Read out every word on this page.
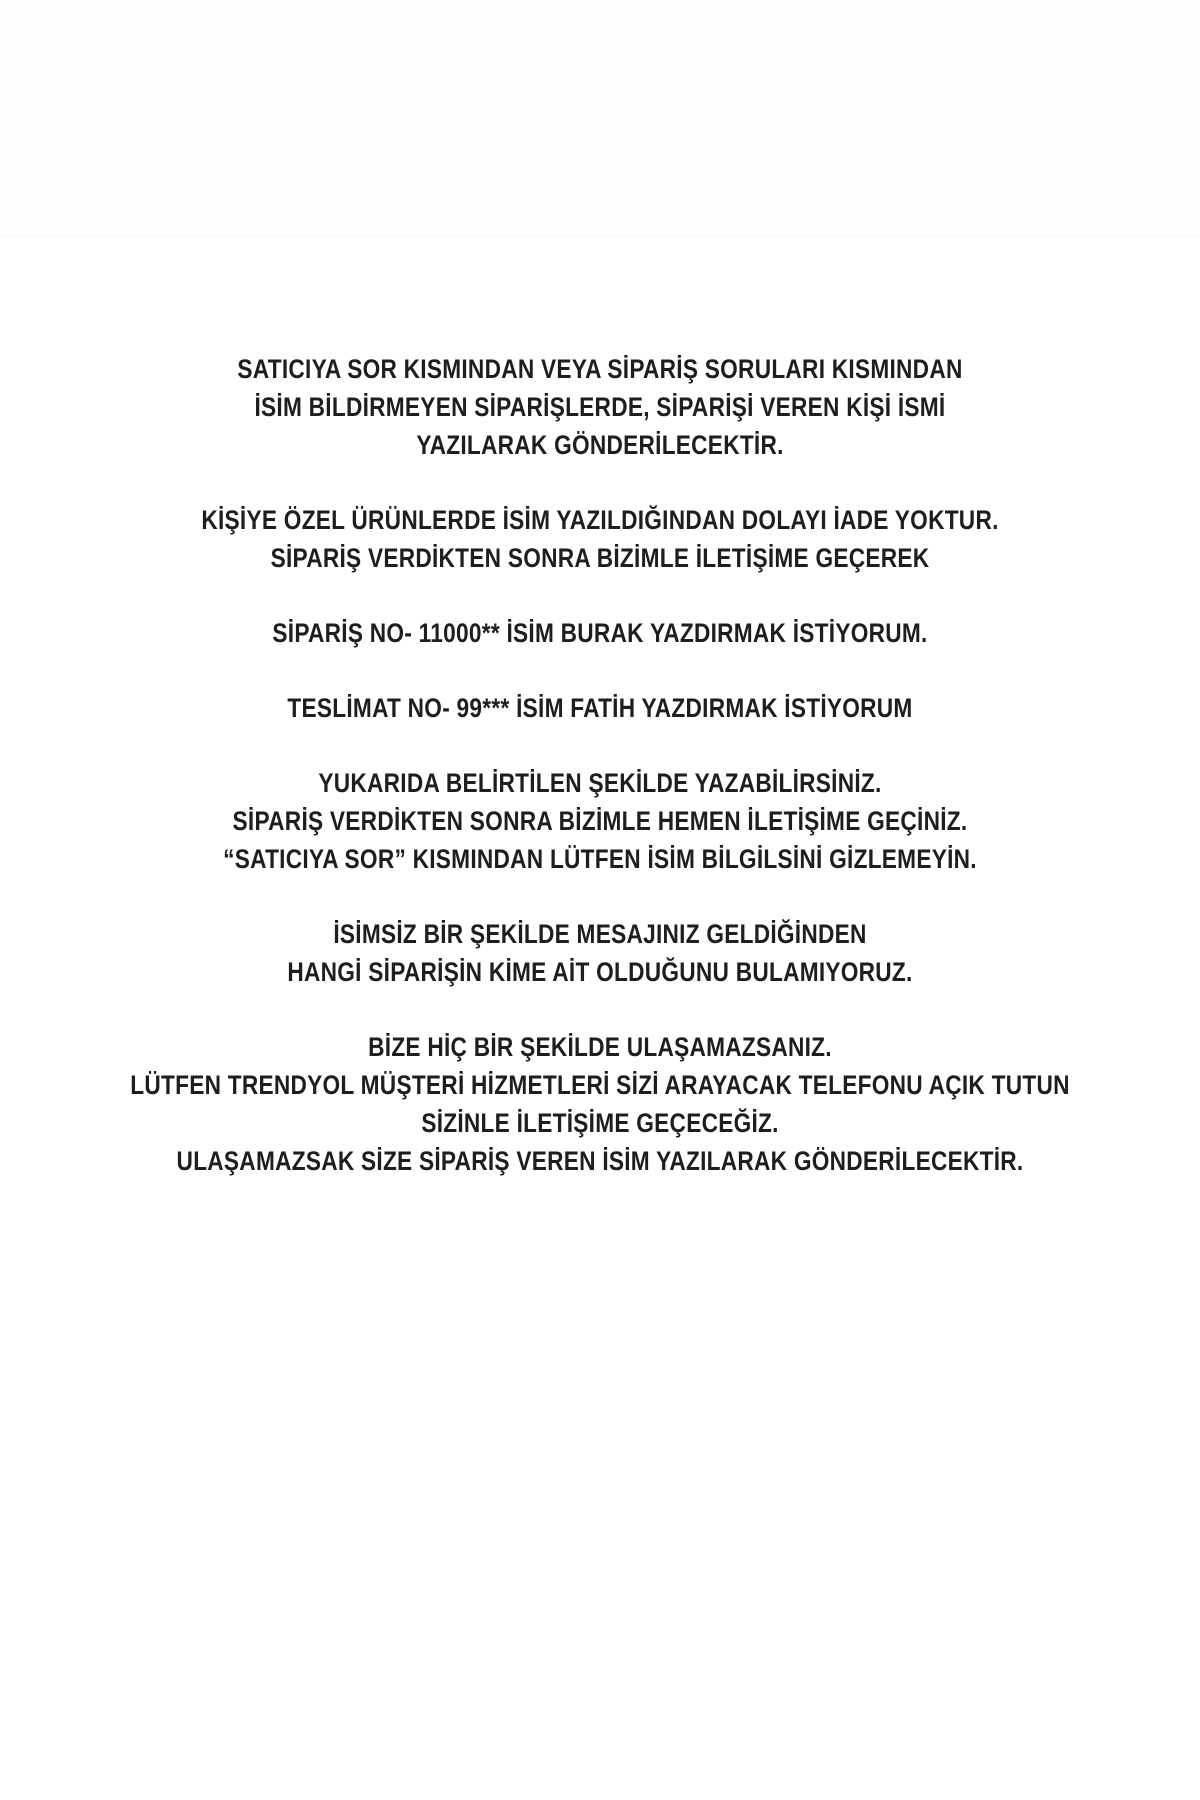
SATICIYA SOR KISMINDAN VEYA SİPARİŞ SORULARI KISMINDAN
İSİM BİLDİRMEYEN SİPARİŞLERDE, SİPARİŞİ VEREN KİŞİ İSMİ
YAZILARAK GÖNDERİLECEKTİR.
KİŞİYE ÖZEL ÜRÜNLERDE İSİM YAZILDIĞINDAN DOLAYI İADE YOKTUR.
SİPARİŞ VERDİKTEN SONRA BİZİMLE İLETİŞİME GEÇEREK
SİPARİŞ NO- 11000** İSİM BURAK YAZDIRMAK İSTİYORUM.
TESLİMAT NO- 99*** İSİM FATİH YAZDIRMAK İSTİYORUM
YUKARIDA BELİRTİLEN ŞEKİLDE YAZABİLİRSİNİZ.
SİPARİŞ VERDİKTEN SONRA BİZİMLE HEMEN İLETİŞİME GEÇİNİZ.
“SATICIYA SOR” KISMINDAN LÜTFEN İSİM BİLGİLSİNİ GİZLEMEYİN.
İSİMSİZ BİR ŞEKİLDE MESAJINIZ GELDİĞİNDEN
HANGİ SİPARİŞİN KİME AİT OLDUĞUNU BULAMIYORUZ.
BİZE HİÇ BİR ŞEKİLDE ULAŞAMAZSANIZ.
LÜTFEN TRENDYOL MÜŞTERİ HİZMETLERİ SİZİ ARAYACAK TELEFONU AÇIK TUTUN
SİZİNLE İLETİŞİME GEÇECEĞİZ.
ULAŞAMAZSAK SİZE SİPARİŞ VEREN İSİM YAZILARAK GÖNDERİLECEKTİR.
